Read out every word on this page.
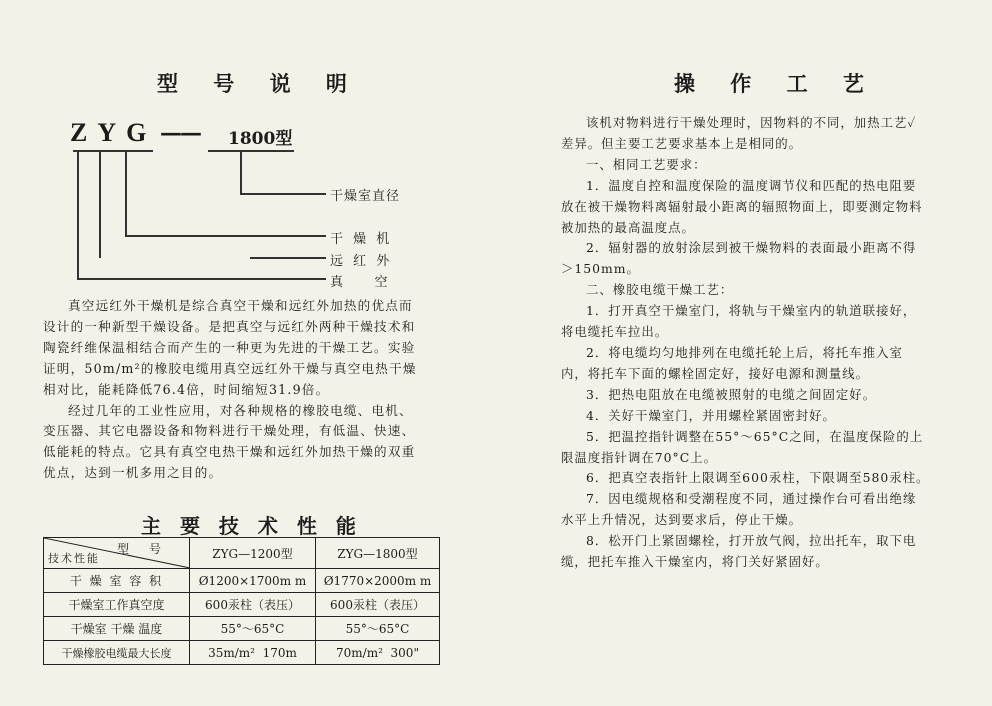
型 号 说 明
ZYG —— 1800型
干燥室直径
干 燥 机
远 红 外
真    空

真空远红外干燥机是综合真空干燥和远红外加热的优点而

设计的一种新型干燥设备。是把真空与远红外两种干燥技术和

陶瓷纤维保温相结合而产生的一种更为先进的干燥工艺。实验

证明，50m/m²的橡胶电缆用真空远红外干燥与真空电热干燥

相对比，能耗降低76.4倍，时间缩短31.9倍。

经过几年的工业性应用，对各种规格的橡胶电缆、电机、

变压器、其它电器设备和物料进行干燥处理，有低温、快速、

低能耗的特点。它具有真空电热干燥和远红外加热干燥的双重

优点，达到一机多用之目的。

主 要 技 术 性 能
型 号
技术性能	ZYG—1200型	ZYG—1800型
干 燥 室 容 积	Ø1200×1700m m	Ø1770×2000m m
干燥室工作真空度	600汞柱（表压）	600汞柱（表压）
干燥室 干燥 温度	55°～65°C	55°～65°C
干燥橡胶电缆最大长度	35m/m²  170m	70m/m²  300"
操 作 工 艺

该机对物料进行干燥处理时，因物料的不同，加热工艺✓

差异。但主要工艺要求基本上是相同的。

一、相同工艺要求：

1．温度自控和温度保险的温度调节仪和匹配的热电阻要

放在被干燥物料离辐射最小距离的辐照物面上，即要测定物料

被加热的最高温度点。

2．辐射器的放射涂层到被干燥物料的表面最小距离不得

＞150mm。

二、橡胶电缆干燥工艺：

1．打开真空干燥室门，将轨与干燥室内的轨道联接好，

将电缆托车拉出。

2．将电缆均匀地排列在电缆托轮上后，将托车推入室

内，将托车下面的螺栓固定好，接好电源和测量线。

3．把热电阻放在电缆被照射的电缆之间固定好。

4．关好干燥室门，并用螺栓紧固密封好。

5．把温控指针调整在55°～65°C之间，在温度保险的上

限温度指针调在70°C上。

6．把真空表指针上限调至600汞柱，下限调至580汞柱。

7．因电缆规格和受潮程度不同，通过操作台可看出绝缘

水平上升情况，达到要求后，停止干燥。

8．松开门上紧固螺栓，打开放气阀，拉出托车，取下电

缆，把托车推入干燥室内，将门关好紧固好。
